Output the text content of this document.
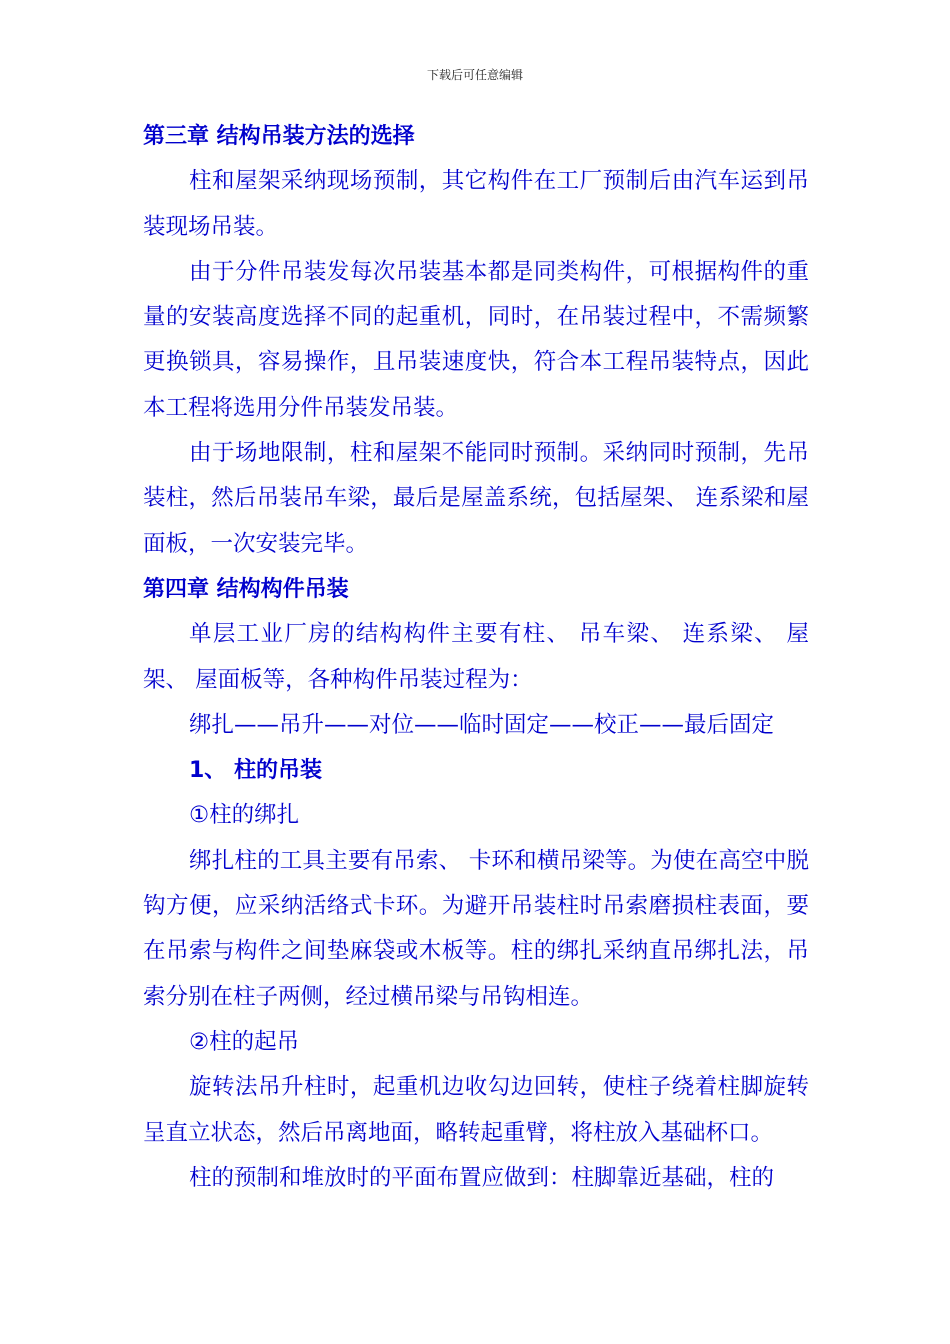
下载后可任意编辑

第三章 结构吊装方法的选择

柱和屋架采纳现场预制，其它构件在工厂预制后由汽车运到吊装现场吊装。

由于分件吊装发每次吊装基本都是同类构件，可根据构件的重量的安装高度选择不同的起重机，同时，在吊装过程中，不需频繁更换锁具，容易操作，且吊装速度快，符合本工程吊装特点，因此本工程将选用分件吊装发吊装。

由于场地限制，柱和屋架不能同时预制。采纳同时预制，先吊装柱，然后吊装吊车梁，最后是屋盖系统，包括屋架、 连系梁和屋面板，一次安装完毕。

第四章 结构构件吊装

单层工业厂房的结构构件主要有柱、 吊车梁、 连系梁、 屋架、 屋面板等，各种构件吊装过程为：

绑扎——吊升——对位——临时固定——校正——最后固定

1、 柱的吊装

①柱的绑扎

绑扎柱的工具主要有吊索、 卡环和横吊梁等。为使在高空中脱钩方便，应采纳活络式卡环。为避开吊装柱时吊索磨损柱表面，要在吊索与构件之间垫麻袋或木板等。柱的绑扎采纳直吊绑扎法，吊索分别在柱子两侧，经过横吊梁与吊钩相连。

②柱的起吊

旋转法吊升柱时，起重机边收勾边回转，使柱子绕着柱脚旋转呈直立状态，然后吊离地面，略转起重臂，将柱放入基础杯口。

柱的预制和堆放时的平面布置应做到：柱脚靠近基础，柱的
